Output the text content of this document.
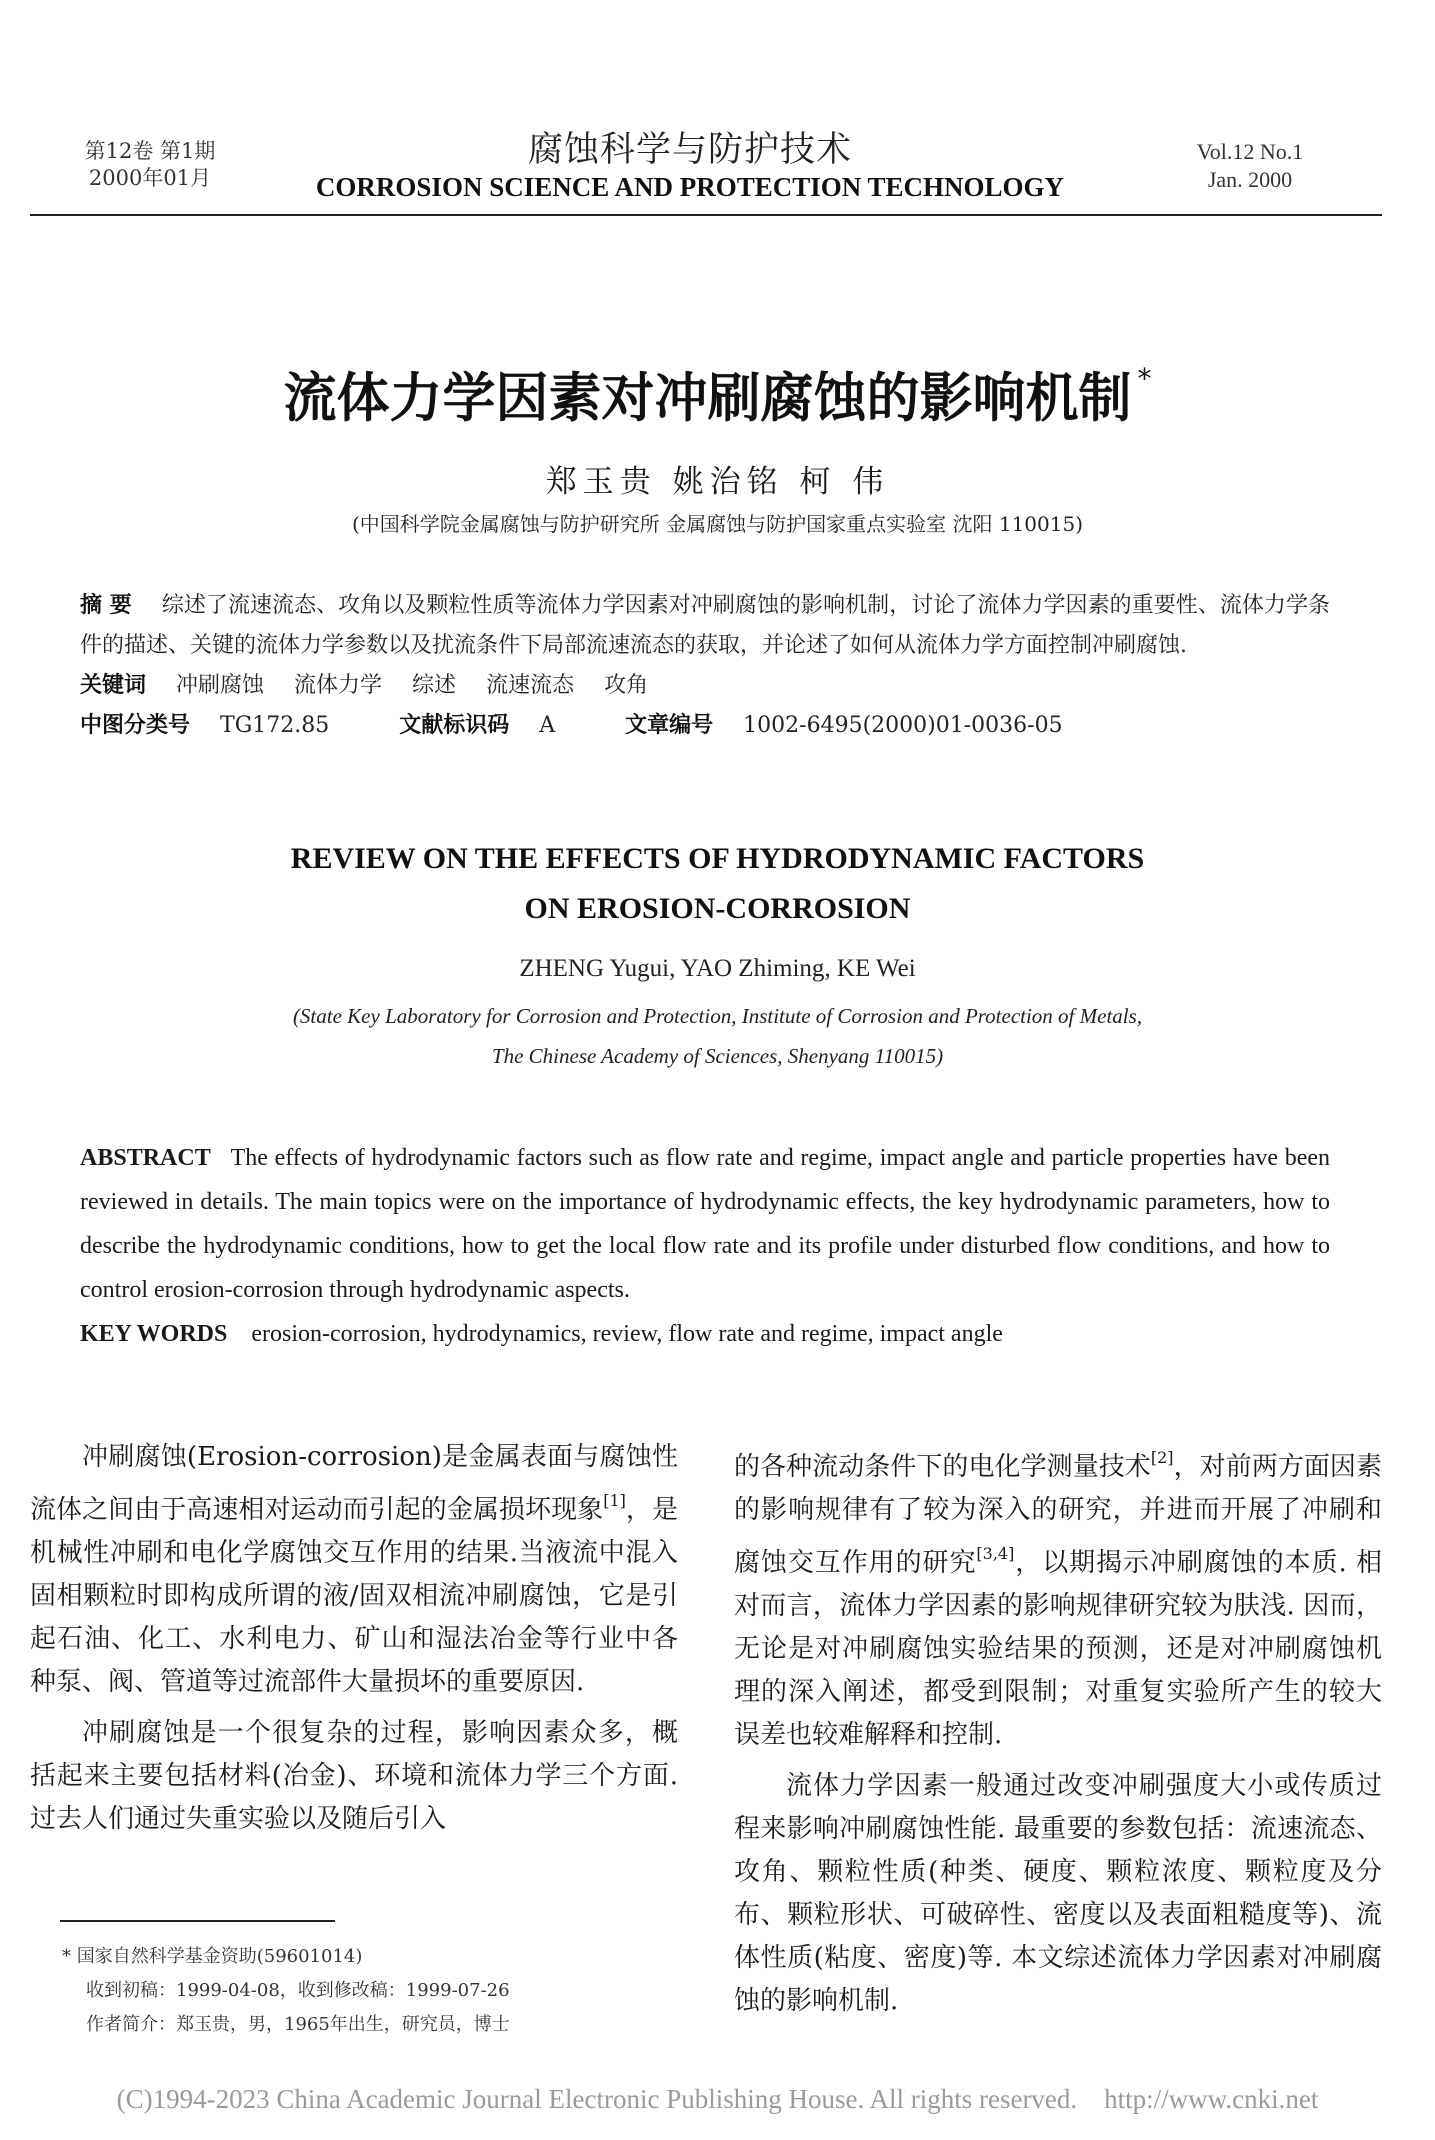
第12卷 第1期
2000年01月
腐蚀科学与防护技术
CORROSION SCIENCE AND PROTECTION TECHNOLOGY
Vol.12 No.1
Jan. 2000
流体力学因素对冲刷腐蚀的影响机制 *
郑玉贵 姚治铭 柯 伟
(中国科学院金属腐蚀与防护研究所 金属腐蚀与防护国家重点实验室 沈阳 110015)
摘 要 综述了流速流态、攻角以及颗粒性质等流体力学因素对冲刷腐蚀的影响机制，讨论了流体力学因素的重要性、流体力学条件的描述、关键的流体力学参数以及扰流条件下局部流速流态的获取，并论述了如何从流体力学方面控制冲刷腐蚀.
关键词 冲刷腐蚀 流体力学 综述 流速流态 攻角
中图分类号 TG172.85	文献标识码 A	文章编号 1002-6495(2000)01-0036-05
REVIEW ON THE EFFECTS OF HYDRODYNAMIC FACTORS
ON EROSION-CORROSION
ZHENG Yugui, YAO Zhiming, KE Wei
(State Key Laboratory for Corrosion and Protection, Institute of Corrosion and Protection of Metals,
The Chinese Academy of Sciences, Shenyang 110015)
ABSTRACT The effects of hydrodynamic factors such as flow rate and regime, impact angle and particle properties have been reviewed in details. The main topics were on the importance of hydrodynamic effects, the key hydrodynamic parameters, how to describe the hydrodynamic conditions, how to get the local flow rate and its profile under disturbed flow conditions, and how to control erosion-corrosion through hydrodynamic aspects.
KEY WORDS erosion-corrosion, hydrodynamics, review, flow rate and regime, impact angle

冲刷腐蚀(Erosion-corrosion)是金属表面与腐蚀性流体之间由于高速相对运动而引起的金属损坏现象[1]，是机械性冲刷和电化学腐蚀交互作用的结果.当液流中混入固相颗粒时即构成所谓的液/固双相流冲刷腐蚀，它是引起石油、化工、水利电力、矿山和湿法冶金等行业中各种泵、阀、管道等过流部件大量损坏的重要原因.

冲刷腐蚀是一个很复杂的过程，影响因素众多，概括起来主要包括材料(冶金)、环境和流体力学三个方面. 过去人们通过失重实验以及随后引入

的各种流动条件下的电化学测量技术[2]，对前两方面因素的影响规律有了较为深入的研究，并进而开展了冲刷和腐蚀交互作用的研究[3,4]，以期揭示冲刷腐蚀的本质. 相对而言，流体力学因素的影响规律研究较为肤浅. 因而，无论是对冲刷腐蚀实验结果的预测，还是对冲刷腐蚀机理的深入阐述，都受到限制；对重复实验所产生的较大误差也较难解释和控制.

流体力学因素一般通过改变冲刷强度大小或传质过程来影响冲刷腐蚀性能. 最重要的参数包括：流速流态、攻角、颗粒性质(种类、硬度、颗粒浓度、颗粒度及分布、颗粒形状、可破碎性、密度以及表面粗糙度等)、流体性质(粘度、密度)等. 本文综述流体力学因素对冲刷腐蚀的影响机制.

* 国家自然科学基金资助(59601014)
收到初稿：1999-04-08，收到修改稿：1999-07-26
作者简介：郑玉贵，男，1965年出生，研究员，博士
(C)1994-2023 China Academic Journal Electronic Publishing House. All rights reserved.    http://www.cnki.net
